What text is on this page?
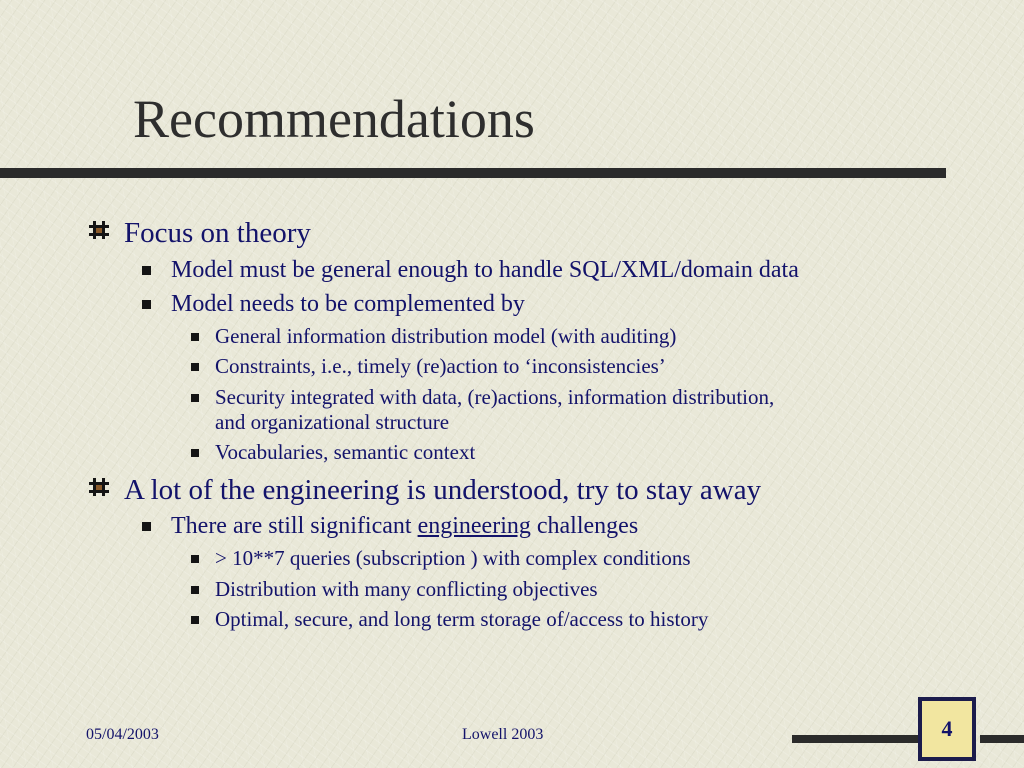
Recommendations
Focus on theory
Model must be general enough to handle SQL/XML/domain data
Model needs to be complemented by
General information distribution model (with auditing)
Constraints, i.e., timely (re)action to ‘inconsistencies’
Security integrated with data, (re)actions, information distribution,
and organizational structure
Vocabularies, semantic context
A lot of the engineering is understood, try to stay away
There are still significant engineering challenges
> 10**7 queries (subscription ) with complex conditions
Distribution with many conflicting objectives
Optimal, secure, and long term storage of/access to history
05/04/2003	Lowell 2003	4
